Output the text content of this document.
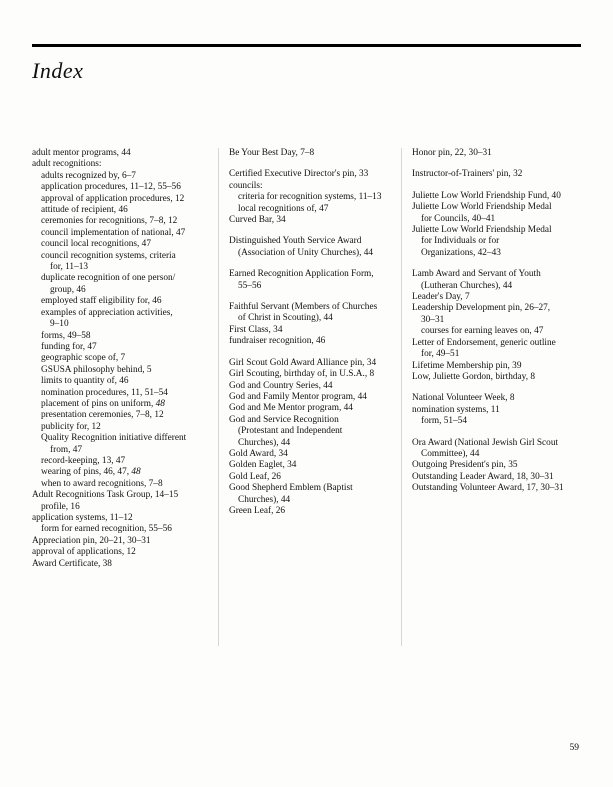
Index
adult mentor programs, 44
adult recognitions:
adults recognized by, 6–7
application procedures, 11–12, 55–56
approval of application procedures, 12
attitude of recipient, 46
ceremonies for recognitions, 7–8, 12
council implementation of national, 47
council local recognitions, 47
council recognition systems, criteria
for, 11–13
duplicate recognition of one person/
group, 46
employed staff eligibility for, 46
examples of appreciation activities,
9–10
forms, 49–58
funding for, 47
geographic scope of, 7
GSUSA philosophy behind, 5
limits to quantity of, 46
nomination procedures, 11, 51–54
placement of pins on uniform, 48
presentation ceremonies, 7–8, 12
publicity for, 12
Quality Recognition initiative different
from, 47
record-keeping, 13, 47
wearing of pins, 46, 47, 48
when to award recognitions, 7–8
Adult Recognitions Task Group, 14–15
profile, 16
application systems, 11–12
form for earned recognition, 55–56
Appreciation pin, 20–21, 30–31
approval of applications, 12
Award Certificate, 38
Be Your Best Day, 7–8
Certified Executive Director's pin, 33
councils:
criteria for recognition systems, 11–13
local recognitions of, 47
Curved Bar, 34
Distinguished Youth Service Award
(Association of Unity Churches), 44
Earned Recognition Application Form,
55–56
Faithful Servant (Members of Churches
of Christ in Scouting), 44
First Class, 34
fundraiser recognition, 46
Girl Scout Gold Award Alliance pin, 34
Girl Scouting, birthday of, in U.S.A., 8
God and Country Series, 44
God and Family Mentor program, 44
God and Me Mentor program, 44
God and Service Recognition
(Protestant and Independent
Churches), 44
Gold Award, 34
Golden Eaglet, 34
Gold Leaf, 26
Good Shepherd Emblem (Baptist
Churches), 44
Green Leaf, 26
Honor pin, 22, 30–31
Instructor-of-Trainers' pin, 32
Juliette Low World Friendship Fund, 40
Juliette Low World Friendship Medal
for Councils, 40–41
Juliette Low World Friendship Medal
for Individuals or for
Organizations, 42–43
Lamb Award and Servant of Youth
(Lutheran Churches), 44
Leader's Day, 7
Leadership Development pin, 26–27,
30–31
courses for earning leaves on, 47
Letter of Endorsement, generic outline
for, 49–51
Lifetime Membership pin, 39
Low, Juliette Gordon, birthday, 8
National Volunteer Week, 8
nomination systems, 11
form, 51–54
Ora Award (National Jewish Girl Scout
Committee), 44
Outgoing President's pin, 35
Outstanding Leader Award, 18, 30–31
Outstanding Volunteer Award, 17, 30–31
59
